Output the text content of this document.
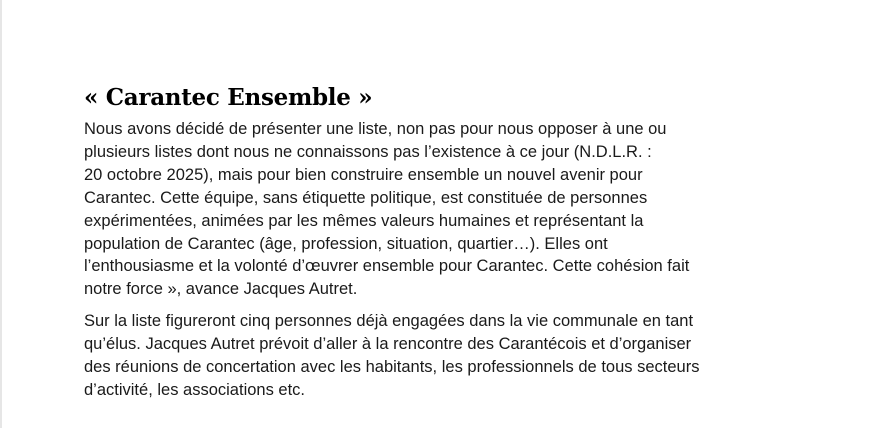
« Carantec Ensemble »

Nous avons décidé de présenter une liste, non pas pour nous opposer à une ou
plusieurs listes dont nous ne connaissons pas l’existence à ce jour (N.D.L.R. :
20 octobre 2025), mais pour bien construire ensemble un nouvel avenir pour
Carantec. Cette équipe, sans étiquette politique, est constituée de personnes
expérimentées, animées par les mêmes valeurs humaines et représentant la
population de Carantec (âge, profession, situation, quartier…). Elles ont
l’enthousiasme et la volonté d’œuvrer ensemble pour Carantec. Cette cohésion fait
notre force », avance Jacques Autret.

Sur la liste figureront cinq personnes déjà engagées dans la vie communale en tant
qu’élus. Jacques Autret prévoit d’aller à la rencontre des Carantécois et d’organiser
des réunions de concertation avec les habitants, les professionnels de tous secteurs
d’activité, les associations etc.
